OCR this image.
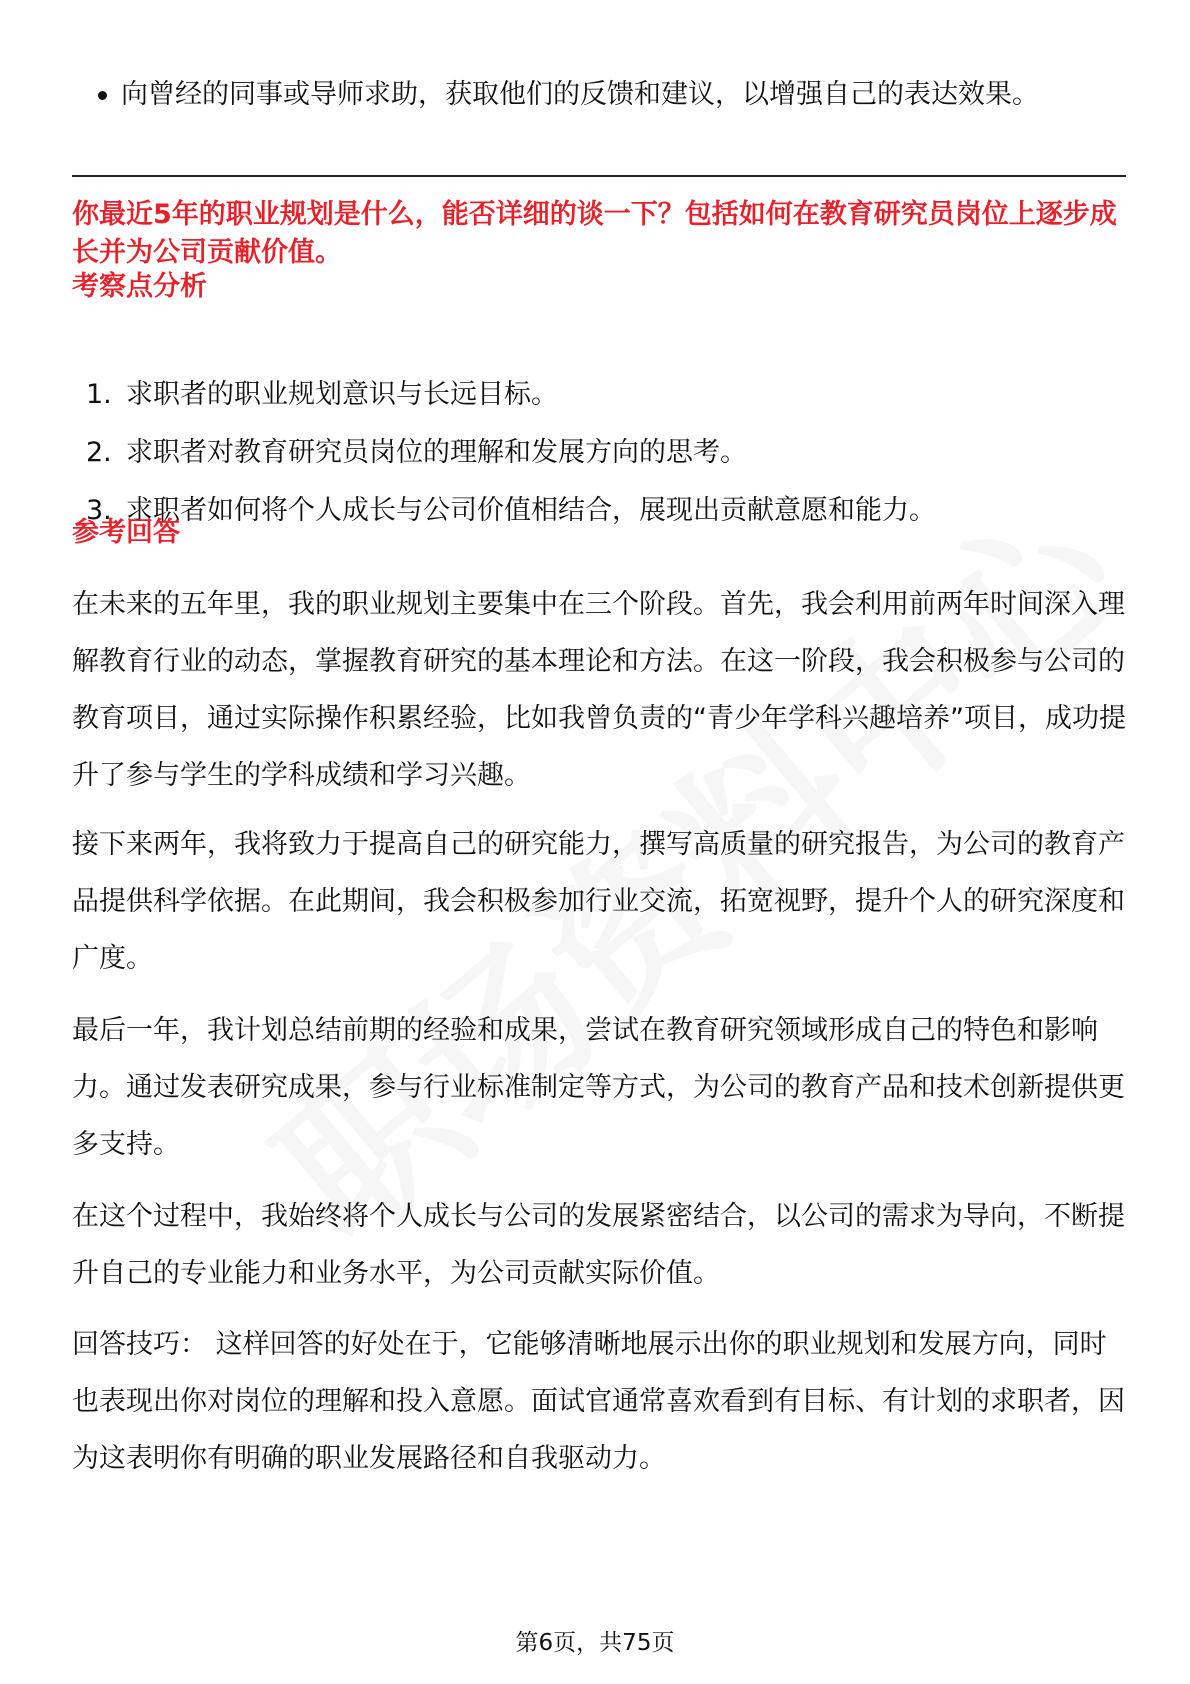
向曾经的同事或导师求助，获取他们的反馈和建议，以增强自己的表达效果。

你最近5年的职业规划是什么，能否详细的谈一下？包括如何在教育研究员岗位上逐步成长并为公司贡献价值。

考察点分析

1. 求职者的职业规划意识与长远目标。
2. 求职者对教育研究员岗位的理解和发展方向的思考。
3. 求职者如何将个人成长与公司价值相结合，展现出贡献意愿和能力。

参考回答

在未来的五年里，我的职业规划主要集中在三个阶段。首先，我会利用前两年时间深入理解教育行业的动态，掌握教育研究的基本理论和方法。在这一阶段，我会积极参与公司的教育项目，通过实际操作积累经验，比如我曾负责的“青少年学科兴趣培养”项目，成功提升了参与学生的学科成绩和学习兴趣。

接下来两年，我将致力于提高自己的研究能力，撰写高质量的研究报告，为公司的教育产品提供科学依据。在此期间，我会积极参加行业交流，拓宽视野，提升个人的研究深度和广度。

最后一年，我计划总结前期的经验和成果，尝试在教育研究领域形成自己的特色和影响力。通过发表研究成果，参与行业标准制定等方式，为公司的教育产品和技术创新提供更多支持。

在这个过程中，我始终将个人成长与公司的发展紧密结合，以公司的需求为导向，不断提升自己的专业能力和业务水平，为公司贡献实际价值。

回答技巧： 这样回答的好处在于，它能够清晰地展示出你的职业规划和发展方向，同时也表现出你对岗位的理解和投入意愿。面试官通常喜欢看到有目标、有计划的求职者，因为这表明你有明确的职业发展路径和自我驱动力。

第6页，共75页
